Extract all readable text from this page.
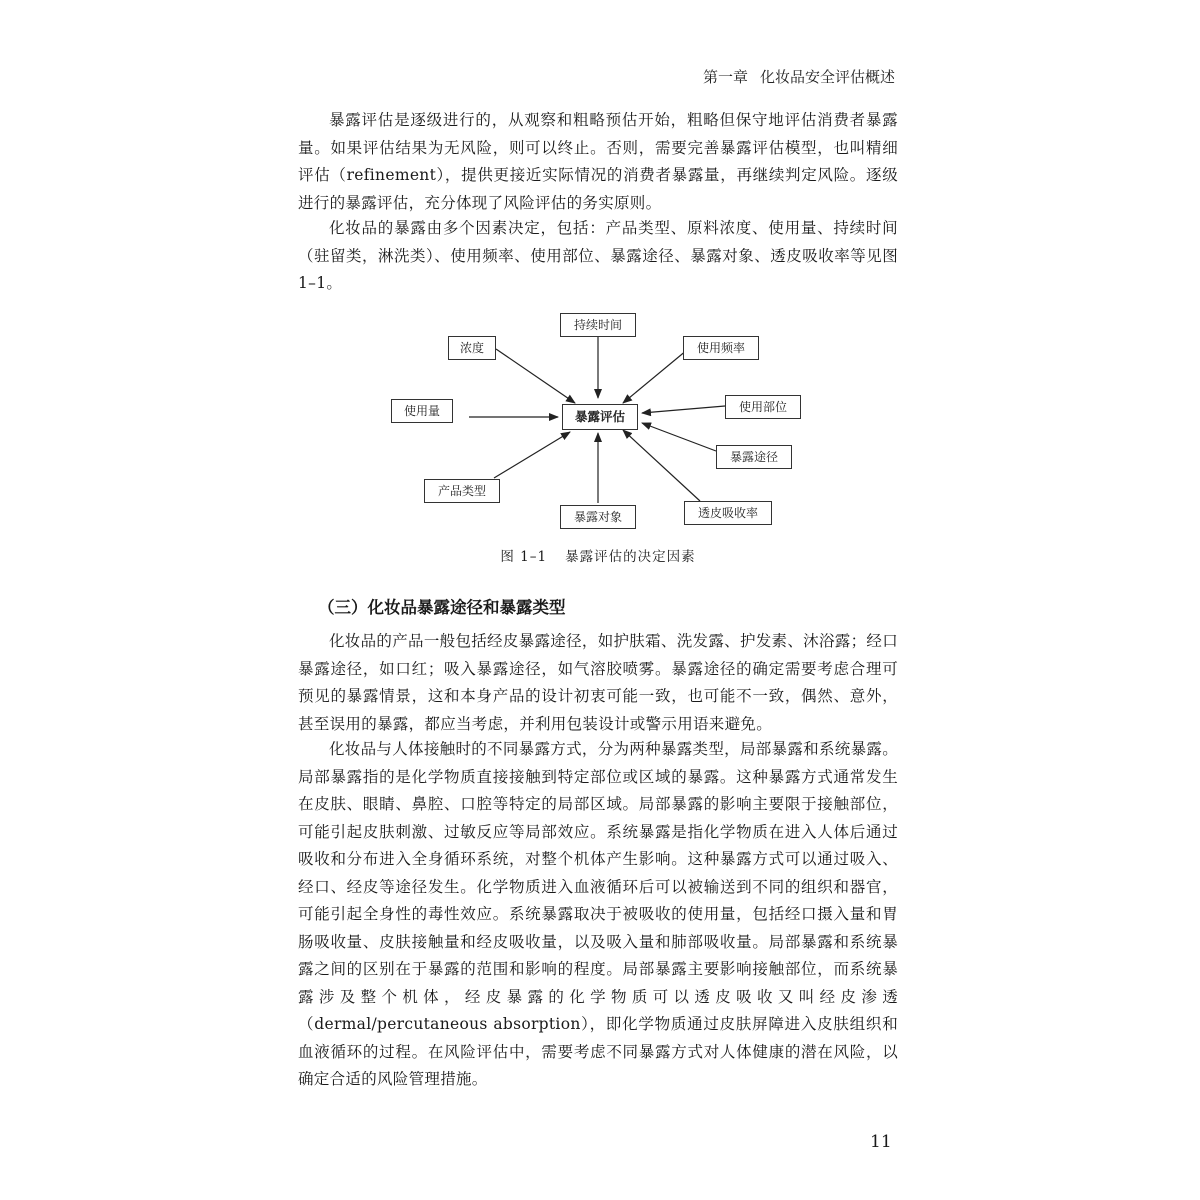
第一章 化妆品安全评估概述

暴露评估是逐级进行的，从观察和粗略预估开始，粗略但保守地评估消费者暴露量。如果评估结果为无风险，则可以终止。否则，需要完善暴露评估模型，也叫精细评估（refinement），提供更接近实际情况的消费者暴露量，再继续判定风险。逐级进行的暴露评估，充分体现了风险评估的务实原则。

化妆品的暴露由多个因素决定，包括：产品类型、原料浓度、使用量、持续时间（驻留类，淋洗类）、使用频率、使用部位、暴露途径、暴露对象、透皮吸收率等见图 1–1。

持续时间
浓度	使用频率
使用量	暴露评估
使用部位
暴露途径
产品类型
暴露对象	透皮吸收率
图 1–1 暴露评估的决定因素
（三）化妆品暴露途径和暴露类型

化妆品的产品一般包括经皮暴露途径，如护肤霜、洗发露、护发素、沐浴露；经口暴露途径，如口红；吸入暴露途径，如气溶胶喷雾。暴露途径的确定需要考虑合理可预见的暴露情景，这和本身产品的设计初衷可能一致，也可能不一致，偶然、意外，甚至误用的暴露，都应当考虑，并利用包装设计或警示用语来避免。

化妆品与人体接触时的不同暴露方式，分为两种暴露类型，局部暴露和系统暴露。局部暴露指的是化学物质直接接触到特定部位或区域的暴露。这种暴露方式通常发生在皮肤、眼睛、鼻腔、口腔等特定的局部区域。局部暴露的影响主要限于接触部位，可能引起皮肤刺激、过敏反应等局部效应。系统暴露是指化学物质在进入人体后通过吸收和分布进入全身循环系统，对整个机体产生影响。这种暴露方式可以通过吸入、经口、经皮等途径发生。化学物质进入血液循环后可以被输送到不同的组织和器官，可能引起全身性的毒性效应。系统暴露取决于被吸收的使用量，包括经口摄入量和胃肠吸收量、皮肤接触量和经皮吸收量，以及吸入量和肺部吸收量。局部暴露和系统暴露之间的区别在于暴露的范围和影响的程度。局部暴露主要影响接触部位，而系统暴露涉及整个机体，经皮暴露的化学物质可以透皮吸收又叫经皮渗透（dermal/percutaneous absorption），即化学物质通过皮肤屏障进入皮肤组织和血液循环的过程。在风险评估中，需要考虑不同暴露方式对人体健康的潜在风险，以确定合适的风险管理措施。

11
